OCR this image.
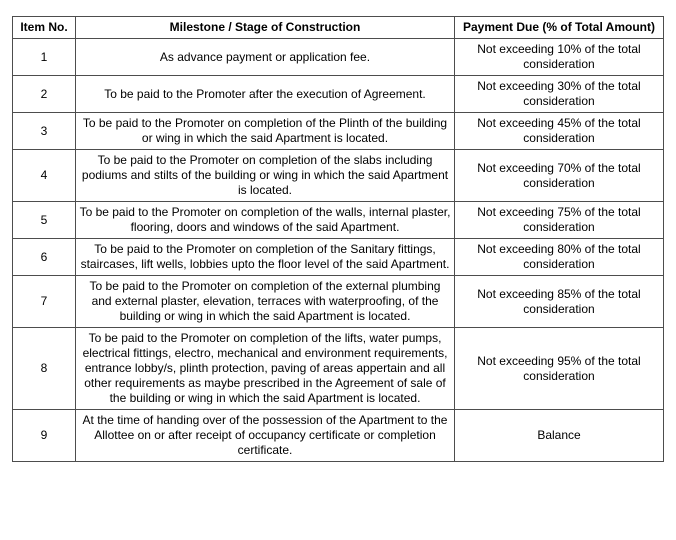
Item No.	Milestone / Stage of Construction	Payment Due (% of Total Amount)
1	As advance payment or application fee.	Not exceeding 10% of the total consideration
2	To be paid to the Promoter after the execution of Agreement.	Not exceeding 30% of the total consideration
3	To be paid to the Promoter on completion of the Plinth of the building or wing in which the said Apartment is located.	Not exceeding 45% of the total consideration
4	To be paid to the Promoter on completion of the slabs including podiums and stilts of the building or wing in which the said Apartment is located.	Not exceeding 70% of the total consideration
5	To be paid to the Promoter on completion of the walls, internal plaster, flooring, doors and windows of the said Apartment.	Not exceeding 75% of the total consideration
6	To be paid to the Promoter on completion of the Sanitary fittings, staircases, lift wells, lobbies upto the floor level of the said Apartment.	Not exceeding 80% of the total consideration
7	To be paid to the Promoter on completion of the external plumbing and external plaster, elevation, terraces with waterproofing, of the building or wing in which the said Apartment is located.	Not exceeding 85% of the total consideration
8	To be paid to the Promoter on completion of the lifts, water pumps, electrical fittings, electro, mechanical and environment requirements, entrance lobby/s, plinth protection, paving of areas appertain and all other requirements as maybe prescribed in the Agreement of sale of the building or wing in which the said Apartment is located.	Not exceeding 95% of the total consideration
9	At the time of handing over of the possession of the Apartment to the Allottee on or after receipt of occupancy certificate or completion certificate.	Balance
